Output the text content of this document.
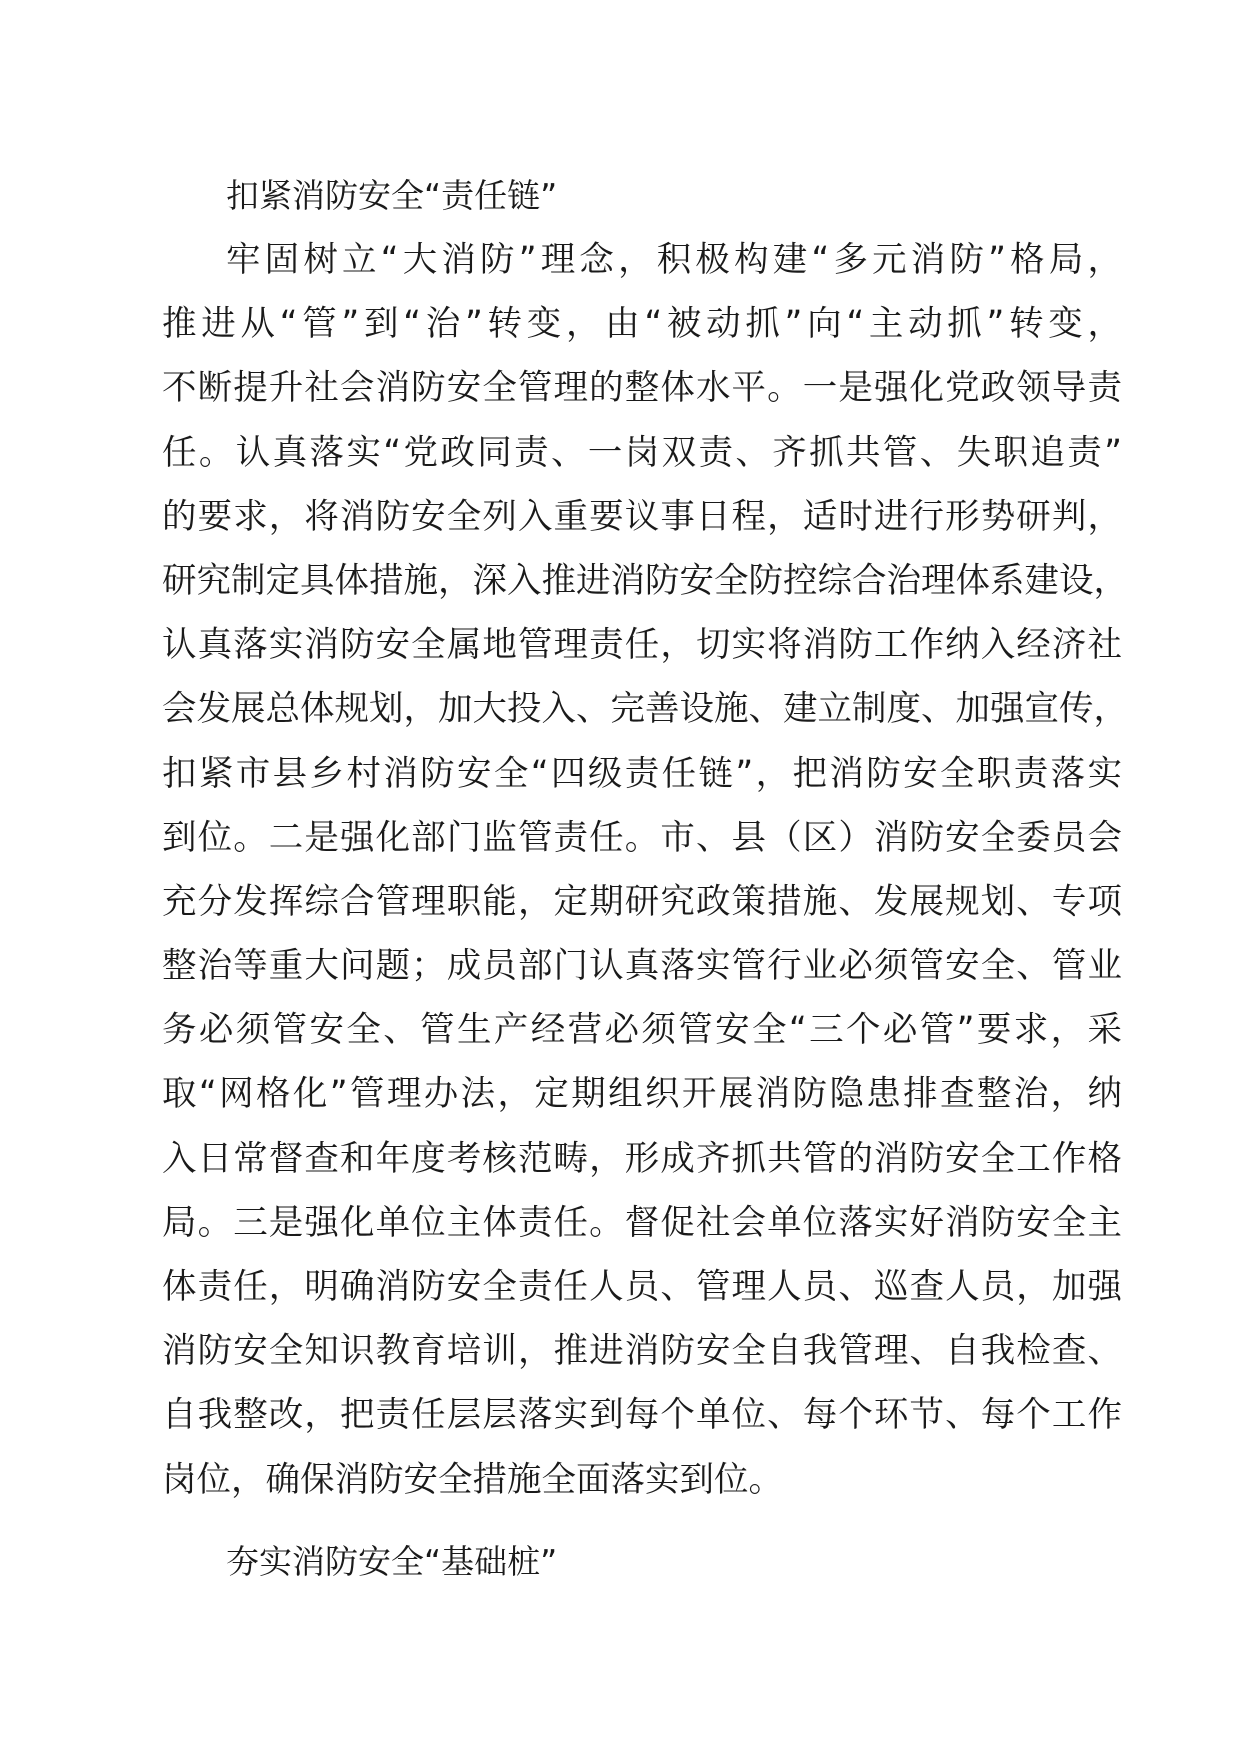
扣紧消防安全“责任链”

牢固树立“大消防”理念，积极构建“多元消防”格局，
推进从“管”到“治”转变，由“被动抓”向“主动抓”转变，
不断提升社会消防安全管理的整体水平。一是强化党政领导责
任。认真落实“党政同责、一岗双责、齐抓共管、失职追责”
的要求，将消防安全列入重要议事日程，适时进行形势研判，
研究制定具体措施，深入推进消防安全防控综合治理体系建设，
认真落实消防安全属地管理责任，切实将消防工作纳入经济社
会发展总体规划，加大投入、完善设施、建立制度、加强宣传，
扣紧市县乡村消防安全“四级责任链”，把消防安全职责落实
到位。二是强化部门监管责任。市、县（区）消防安全委员会
充分发挥综合管理职能，定期研究政策措施、发展规划、专项
整治等重大问题；成员部门认真落实管行业必须管安全、管业
务必须管安全、管生产经营必须管安全“三个必管”要求，采
取“网格化”管理办法，定期组织开展消防隐患排查整治，纳
入日常督查和年度考核范畴，形成齐抓共管的消防安全工作格
局。三是强化单位主体责任。督促社会单位落实好消防安全主
体责任，明确消防安全责任人员、管理人员、巡查人员，加强
消防安全知识教育培训，推进消防安全自我管理、自我检查、
自我整改，把责任层层落实到每个单位、每个环节、每个工作
岗位，确保消防安全措施全面落实到位。

夯实消防安全“基础桩”
